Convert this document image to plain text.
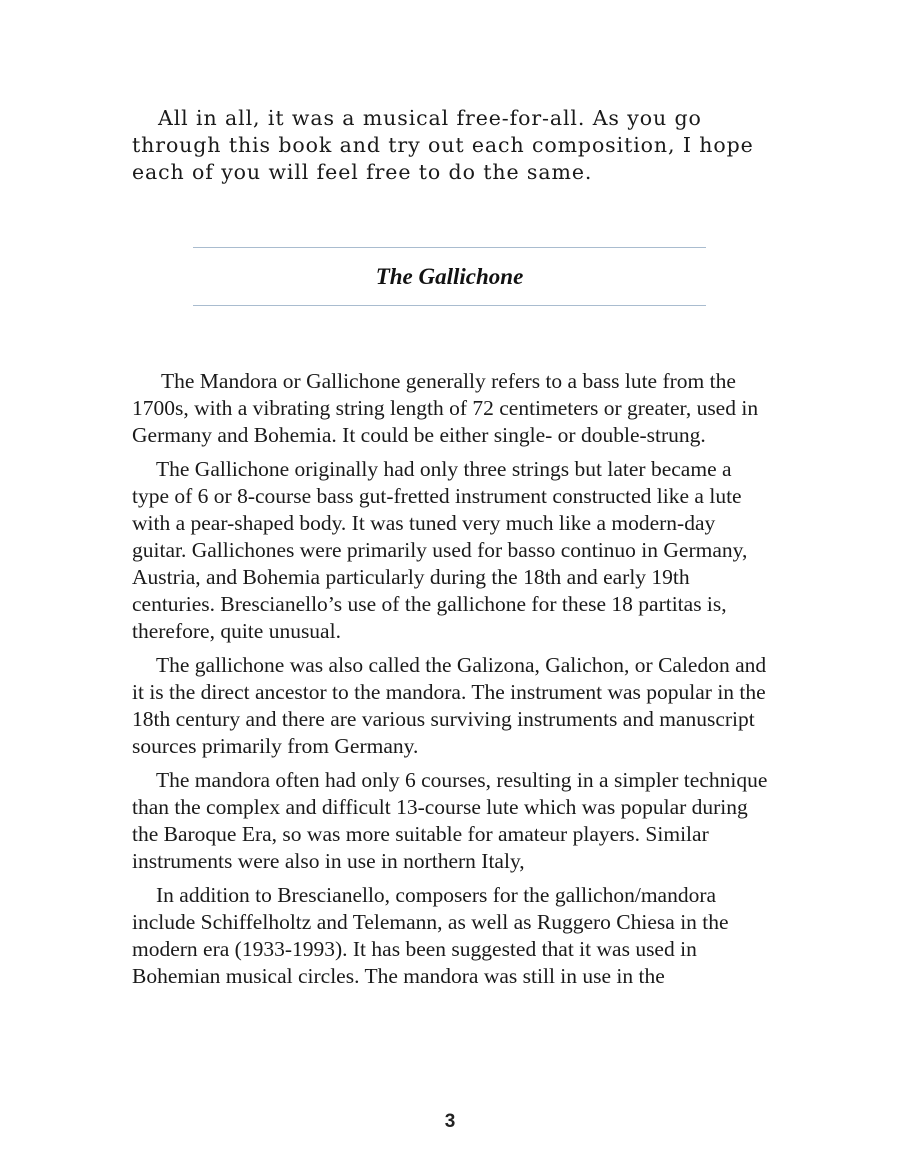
All in all, it was a musical free-for-all. As you go through this book and try out each composition, I hope each of you will feel free to do the same.

The Gallichone

The Mandora or Gallichone generally refers to a bass lute from the 1700s, with a vibrating string length of 72 centimeters or greater, used in Germany and Bohemia. It could be either single- or double-strung.

The Gallichone originally had only three strings but later became a type of 6 or 8-course bass gut-fretted instrument constructed like a lute with a pear-shaped body. It was tuned very much like a modern-day guitar. Gallichones were primarily used for basso continuo in Germany, Austria, and Bohemia particularly during the 18th and early 19th centuries. Brescianello’s use of the gallichone for these 18 partitas is, therefore, quite unusual.

The gallichone was also called the Galizona, Galichon, or Caledon and it is the direct ancestor to the mandora. The instrument was popular in the 18th century and there are various surviving instruments and manuscript sources primarily from Germany.

The mandora often had only 6 courses, resulting in a simpler technique than the complex and difficult 13-course lute which was popular during the Baroque Era, so was more suitable for amateur players. Similar instruments were also in use in northern Italy,

In addition to Brescianello, composers for the gallichon/mandora include Schiffelholtz and Telemann, as well as Ruggero Chiesa in the modern era (1933-1993). It has been suggested that it was used in Bohemian musical circles. The mandora was still in use in the

3
